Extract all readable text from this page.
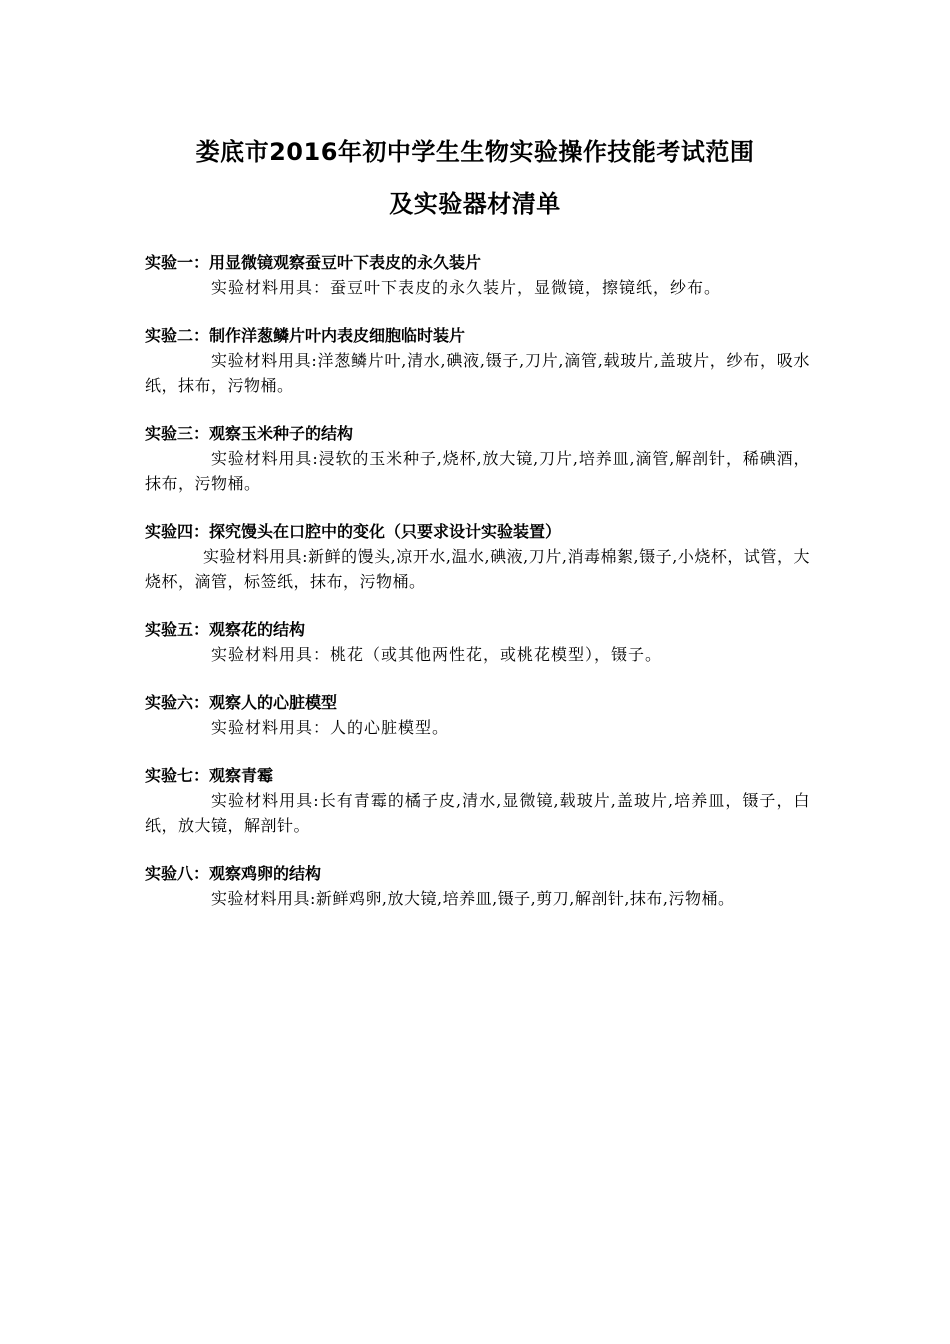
娄底市2016年初中学生生物实验操作技能考试范围
及实验器材清单
实验一：用显微镜观察蚕豆叶下表皮的永久装片
实验材料用具：蚕豆叶下表皮的永久装片，显微镜，擦镜纸，纱布。
实验二：制作洋葱鳞片叶内表皮细胞临时装片
实验材料用具:洋葱鳞片叶,清水,碘液,镊子,刀片,滴管,载玻片,盖玻片，纱布，吸水纸，抹布，污物桶。
实验三：观察玉米种子的结构
实验材料用具:浸软的玉米种子,烧杯,放大镜,刀片,培养皿,滴管,解剖针，稀碘酒，抹布，污物桶。
实验四：探究馒头在口腔中的变化（只要求设计实验装置）
实验材料用具:新鲜的馒头,凉开水,温水,碘液,刀片,消毒棉絮,镊子,小烧杯，试管，大烧杯，滴管，标签纸，抹布，污物桶。
实验五：观察花的结构
实验材料用具：桃花（或其他两性花，或桃花模型），镊子。
实验六：观察人的心脏模型
实验材料用具：人的心脏模型。
实验七：观察青霉
实验材料用具:长有青霉的橘子皮,清水,显微镜,载玻片,盖玻片,培养皿，镊子，白纸，放大镜，解剖针。
实验八：观察鸡卵的结构
实验材料用具:新鲜鸡卵,放大镜,培养皿,镊子,剪刀,解剖针,抹布,污物桶。
